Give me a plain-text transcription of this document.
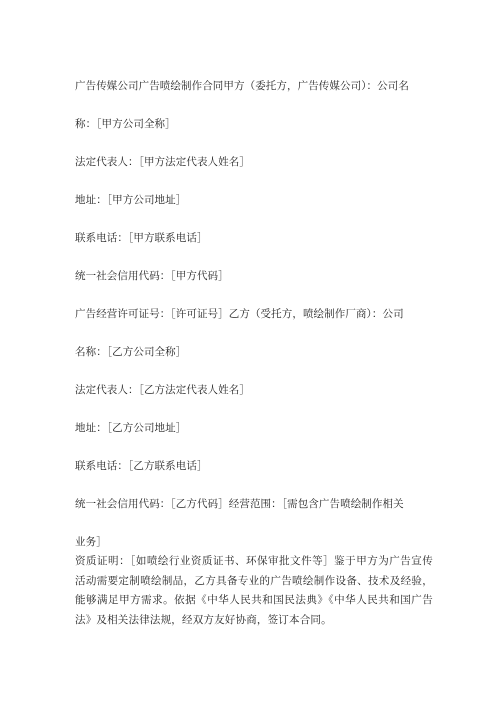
广告传媒公司广告喷绘制作合同甲方（委托方，广告传媒公司）：公司名
称：［甲方公司全称］
法定代表人：［甲方法定代表人姓名］
地址：［甲方公司地址］
联系电话：［甲方联系电话］
统一社会信用代码：［甲方代码］
广告经营许可证号：［许可证号］乙方（受托方，喷绘制作厂商）：公司
名称：［乙方公司全称］
法定代表人：［乙方法定代表人姓名］
地址：［乙方公司地址］
联系电话：［乙方联系电话］
统一社会信用代码：［乙方代码］经营范围：［需包含广告喷绘制作相关
业务］
资质证明：［如喷绘行业资质证书、环保审批文件等］鉴于甲方为广告宣传活动需要定制喷绘制品，乙方具备专业的广告喷绘制作设备、技术及经验，能够满足甲方需求。依据《中华人民共和国民法典》《中华人民共和国广告法》及相关法律法规，经双方友好协商，签订本合同。
